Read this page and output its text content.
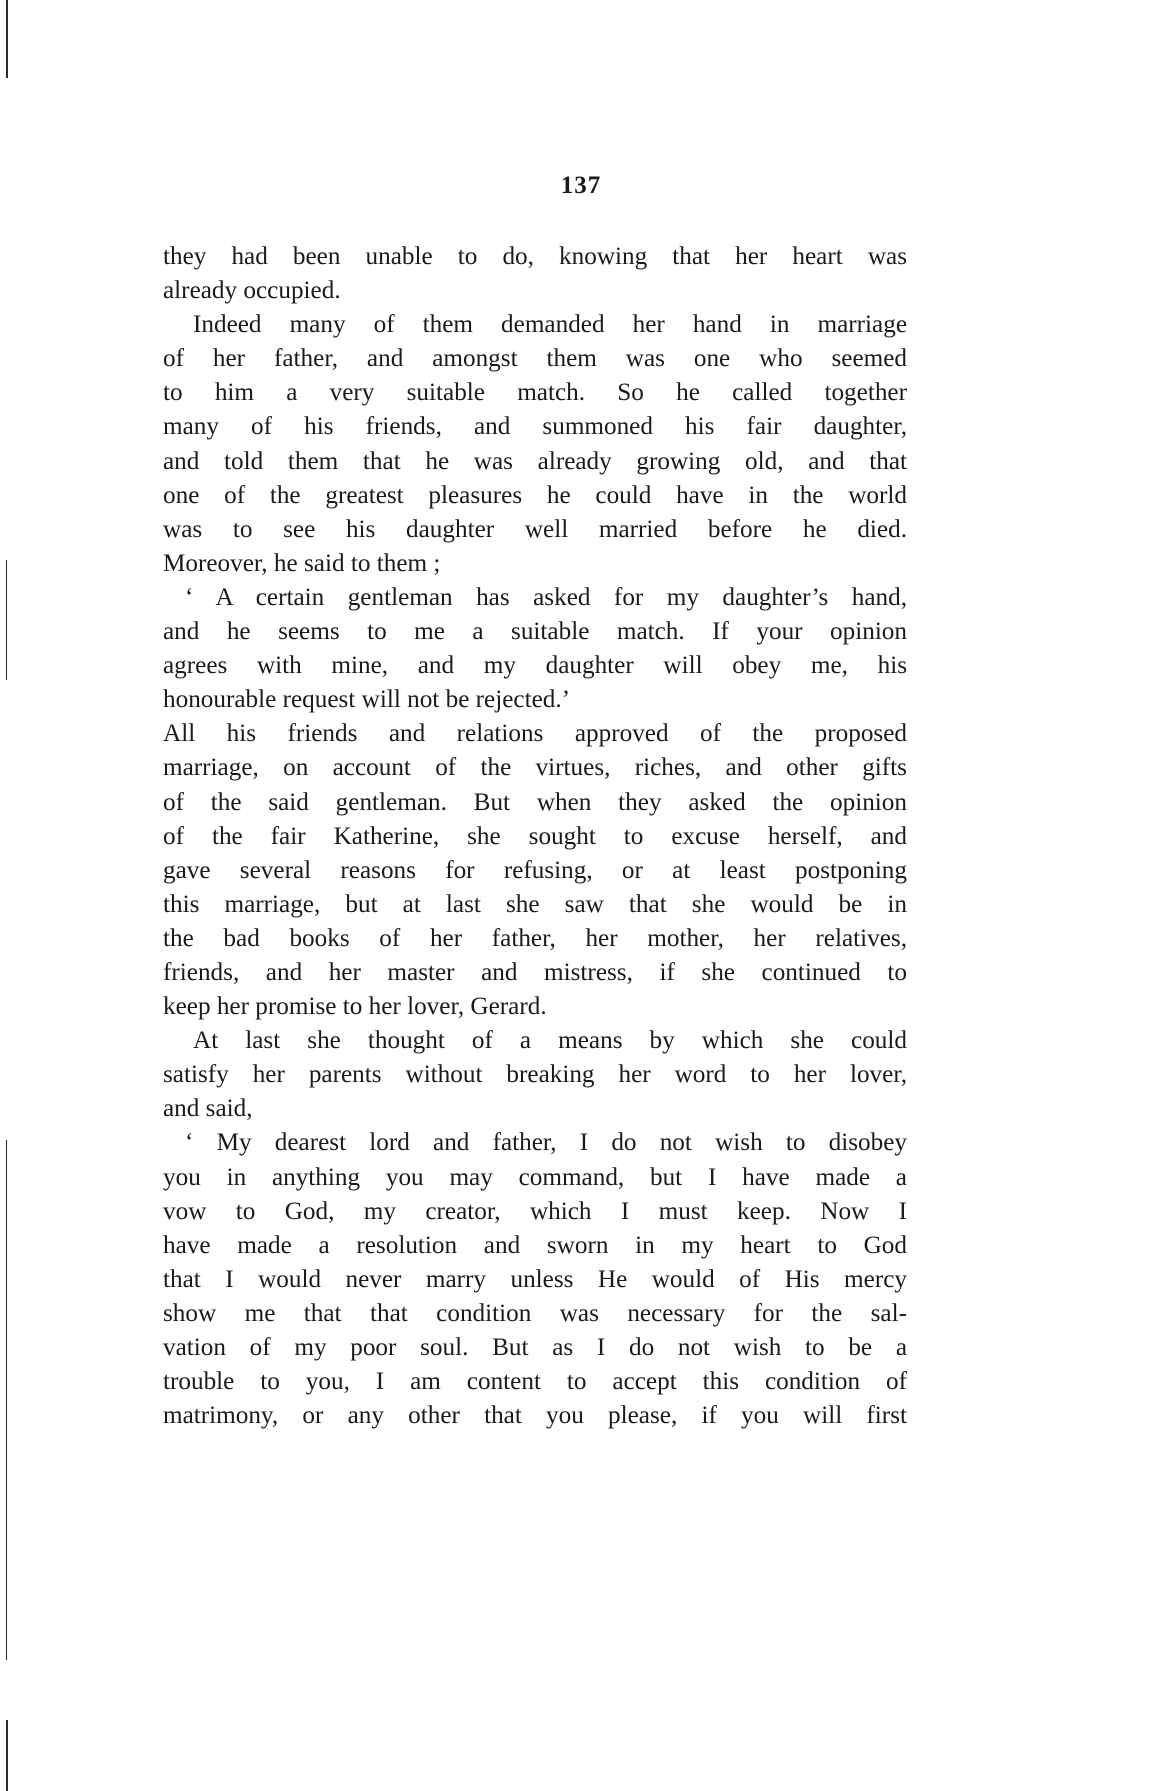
137
they had been unable to do, knowing that her heart was
already occupied.
Indeed many of them demanded her hand in marriage
of her father, and amongst them was one who seemed
to him a very suitable match. So he called together
many of his friends, and summoned his fair daughter,
and told them that he was already growing old, and that
one of the greatest pleasures he could have in the world
was to see his daughter well married before he died.
Moreover, he said to them ;
‘ A certain gentleman has asked for my daughter’s hand,
and he seems to me a suitable match. If your opinion
agrees with mine, and my daughter will obey me, his
honourable request will not be rejected.’
All his friends and relations approved of the proposed
marriage, on account of the virtues, riches, and other gifts
of the said gentleman. But when they asked the opinion
of the fair Katherine, she sought to excuse herself, and
gave several reasons for refusing, or at least postponing
this marriage, but at last she saw that she would be in
the bad books of her father, her mother, her relatives,
friends, and her master and mistress, if she continued to
keep her promise to her lover, Gerard.
At last she thought of a means by which she could
satisfy her parents without breaking her word to her lover,
and said,
‘ My dearest lord and father, I do not wish to disobey
you in anything you may command, but I have made a
vow to God, my creator, which I must keep. Now I
have made a resolution and sworn in my heart to God
that I would never marry unless He would of His mercy
show me that that condition was necessary for the sal-
vation of my poor soul. But as I do not wish to be a
trouble to you, I am content to accept this condition of
matrimony, or any other that you please, if you will first
